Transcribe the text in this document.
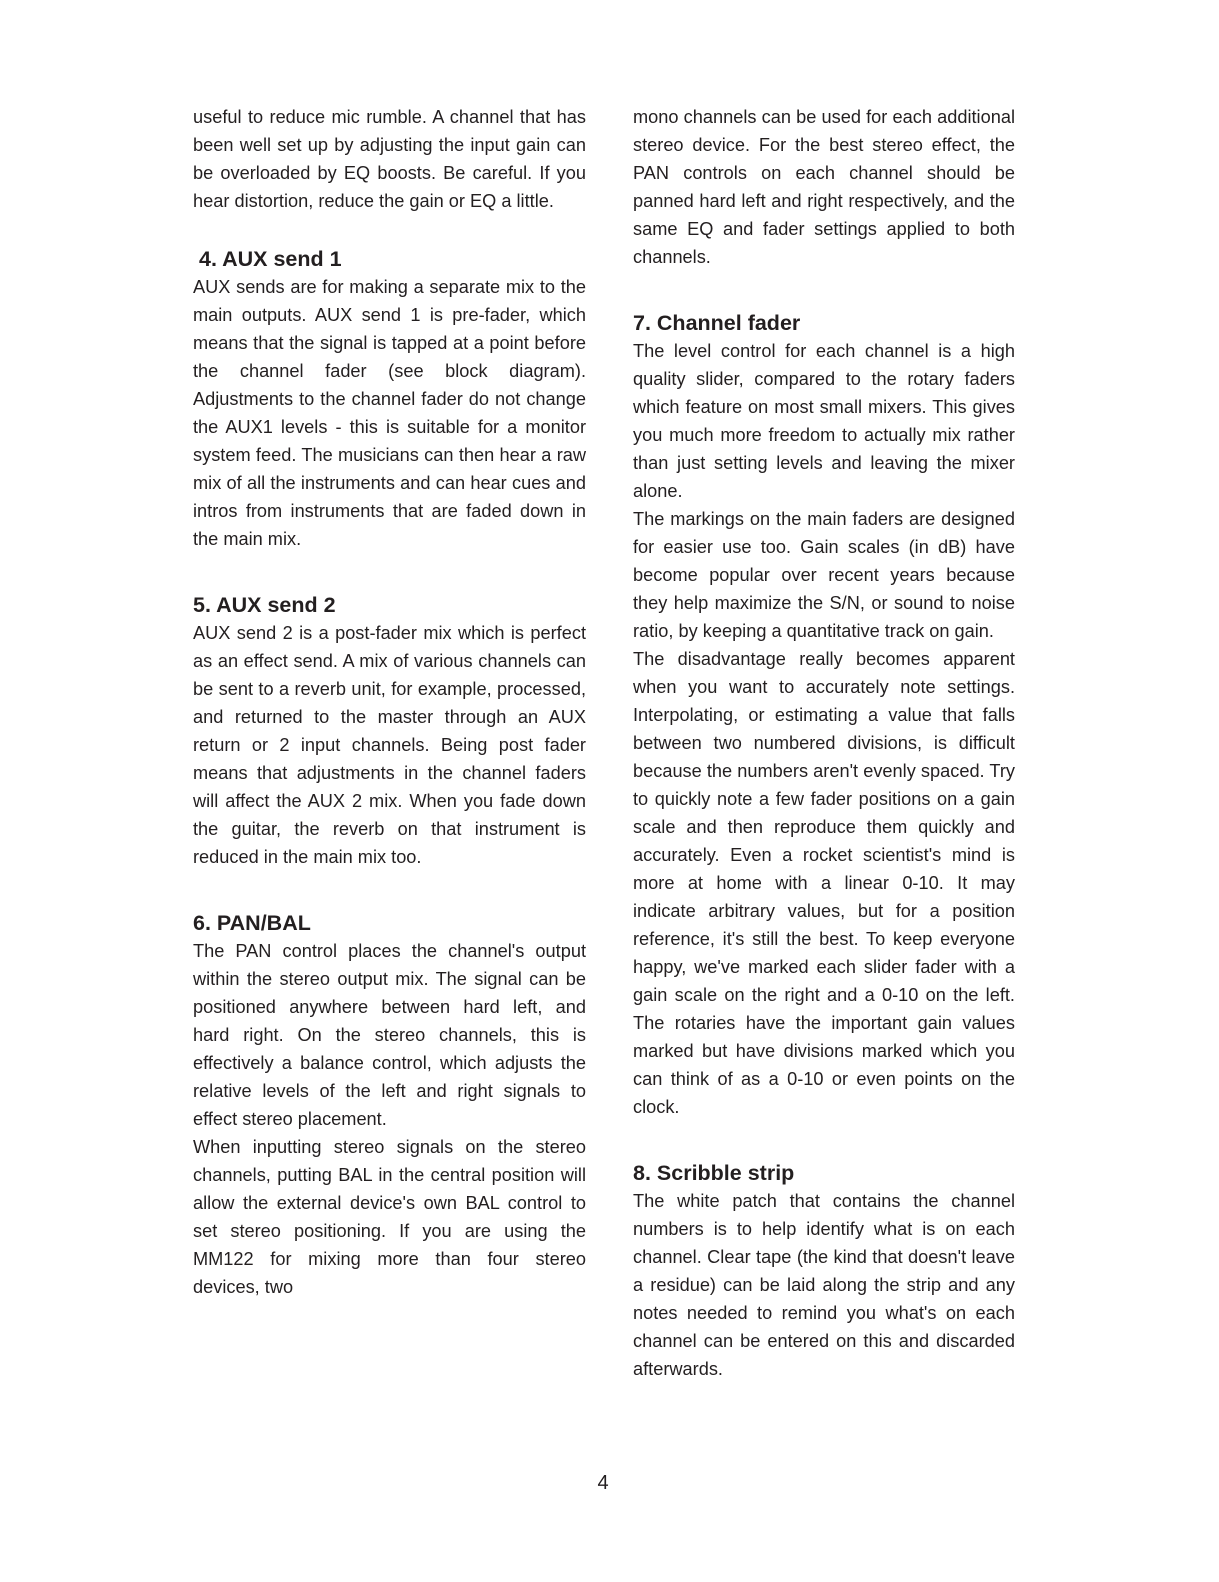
useful to reduce mic rumble. A channel that has been well set up by adjusting the input gain can be overloaded by EQ boosts. Be careful. If you hear distortion, reduce the gain or EQ a little.

4. AUX send 1

AUX sends are for making a separate mix to the main outputs. AUX send 1 is pre-fader, which means that the signal is tapped at a point before the channel fader (see block diagram). Adjustments to the channel fader do not change the AUX1 levels - this is suitable for a monitor system feed. The musicians can then hear a raw mix of all the instruments and can hear cues and intros from instruments that are faded down in the main mix.

5. AUX send 2

AUX send 2 is a post-fader mix which is perfect as an effect send. A mix of various channels can be sent to a reverb unit, for example, processed, and returned to the master through an AUX return or 2 input channels. Being post fader means that adjustments in the channel faders will affect the AUX 2 mix. When you fade down the guitar, the reverb on that instrument is reduced in the main mix too.

6. PAN/BAL

The PAN control places the channel's output within the stereo output mix. The signal can be positioned anywhere between hard left, and hard right. On the stereo channels, this is effectively a balance control, which adjusts the relative levels of the left and right signals to effect stereo placement.

When inputting stereo signals on the stereo channels, putting BAL in the central position will allow the external device's own BAL control to set stereo positioning. If you are using the MM122 for mixing more than four stereo devices, two

mono channels can be used for each additional stereo device. For the best stereo effect, the PAN controls on each channel should be panned hard left and right respectively, and the same EQ and fader settings applied to both channels.

7. Channel fader

The level control for each channel is a high quality slider, compared to the rotary faders which feature on most small mixers. This gives you much more freedom to actually mix rather than just setting levels and leaving the mixer alone.

The markings on the main faders are designed for easier use too. Gain scales (in dB) have become popular over recent years because they help maximize the S/N, or sound to noise ratio, by keeping a quantitative track on gain.

The disadvantage really becomes apparent when you want to accurately note settings. Interpolating, or estimating a value that falls between two numbered divisions, is difficult because the numbers aren't evenly spaced. Try to quickly note a few fader positions on a gain scale and then reproduce them quickly and accurately. Even a rocket scientist's mind is more at home with a linear 0-10. It may indicate arbitrary values, but for a position reference, it's still the best. To keep everyone happy, we've marked each slider fader with a gain scale on the right and a 0-10 on the left. The rotaries have the important gain values marked but have divisions marked which you can think of as a 0-10 or even points on the clock.

8. Scribble strip

The white patch that contains the channel numbers is to help identify what is on each channel. Clear tape (the kind that doesn't leave a residue) can be laid along the strip and any notes needed to remind you what's on each channel can be entered on this and discarded afterwards.

4
